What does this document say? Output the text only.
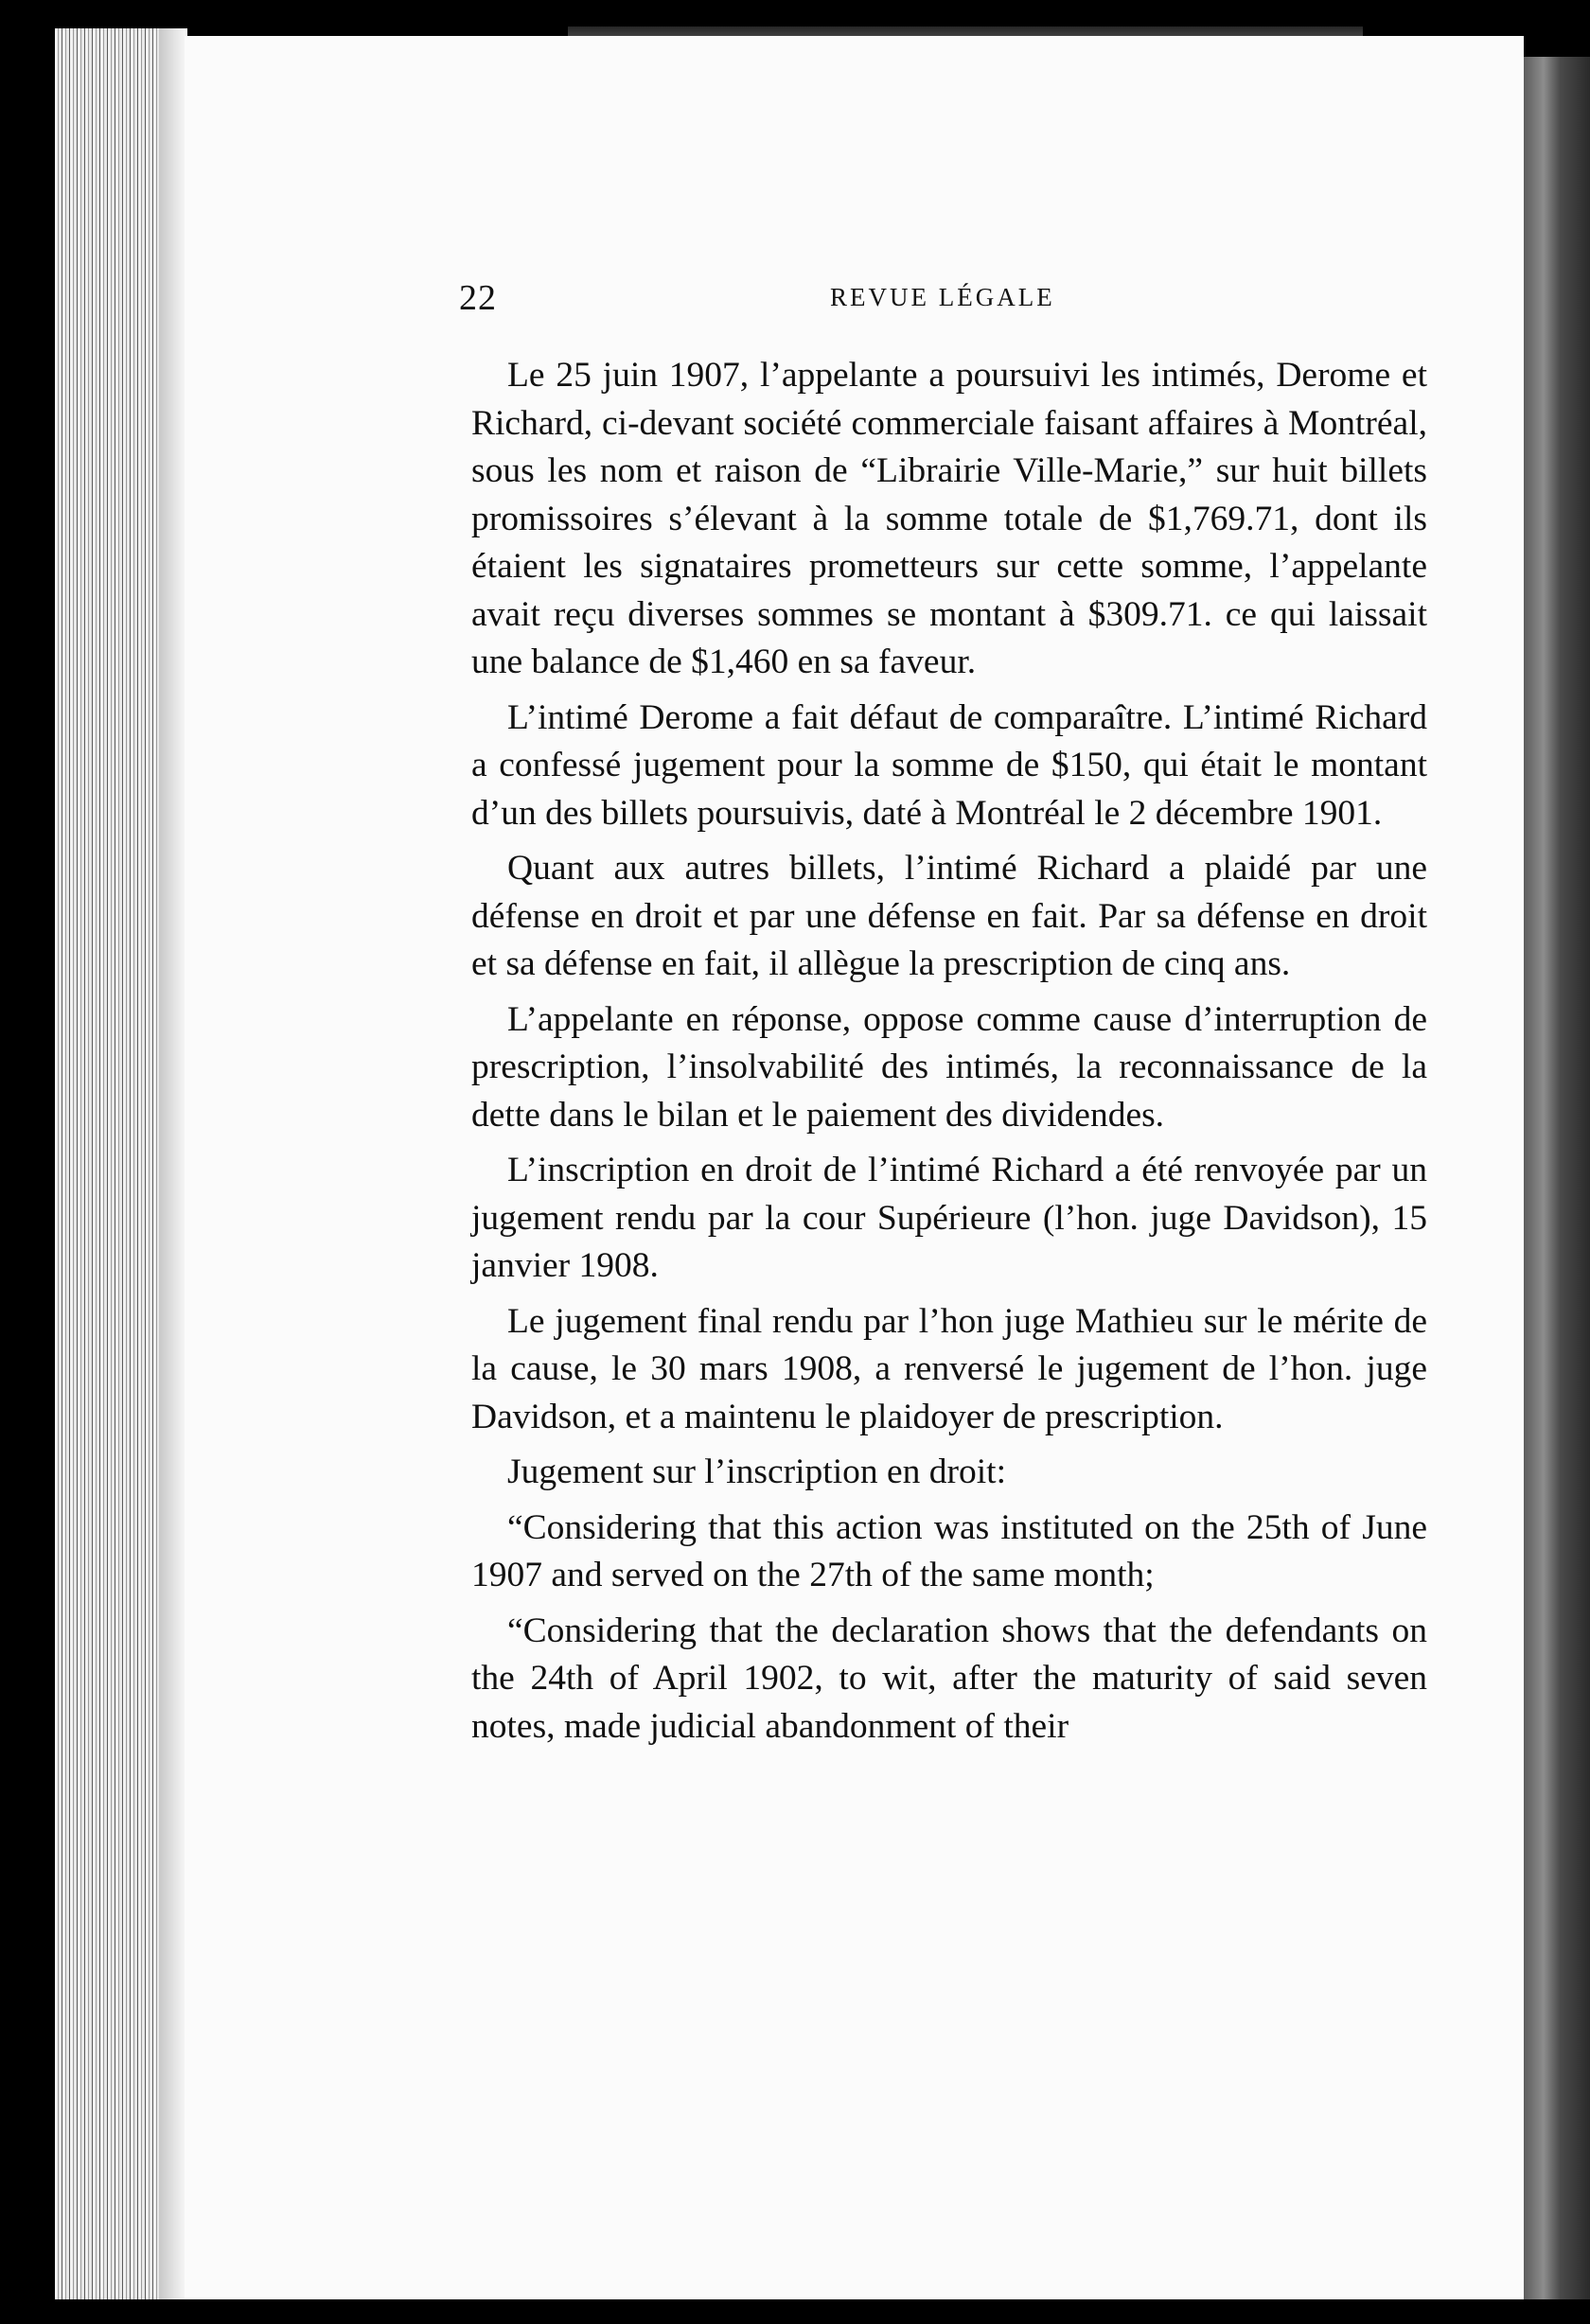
22	REVUE LÉGALE

Le 25 juin 1907, l’appelante a poursuivi les intimés, Derome et Richard, ci-devant société commerciale faisant affaires à Montréal, sous les nom et raison de “Librairie Ville-Marie,” sur huit billets promissoires s’élevant à la somme totale de $1,769.71, dont ils étaient les signataires prometteurs sur cette somme, l’appelante avait reçu diverses sommes se montant à $309.71. ce qui laissait une balance de $1,460 en sa faveur.

L’intimé Derome a fait défaut de comparaître. L’intimé Richard a confessé jugement pour la somme de $150, qui était le montant d’un des billets poursuivis, daté à Montréal le 2 décembre 1901.

Quant aux autres billets, l’intimé Richard a plaidé par une défense en droit et par une défense en fait. Par sa défense en droit et sa défense en fait, il allègue la prescription de cinq ans.

L’appelante en réponse, oppose comme cause d’interruption de prescription, l’insolvabilité des intimés, la reconnaissance de la dette dans le bilan et le paiement des dividendes.

L’inscription en droit de l’intimé Richard a été renvoyée par un jugement rendu par la cour Supérieure (l’hon. juge Davidson), 15 janvier 1908.

Le jugement final rendu par l’hon juge Mathieu sur le mérite de la cause, le 30 mars 1908, a renversé le jugement de l’hon. juge Davidson, et a maintenu le plaidoyer de prescription.

Jugement sur l’inscription en droit:

“Considering that this action was instituted on the 25th of June 1907 and served on the 27th of the same month;

“Considering that the declaration shows that the defendants on the 24th of April 1902, to wit, after the maturity of said seven notes, made judicial abandonment of their
